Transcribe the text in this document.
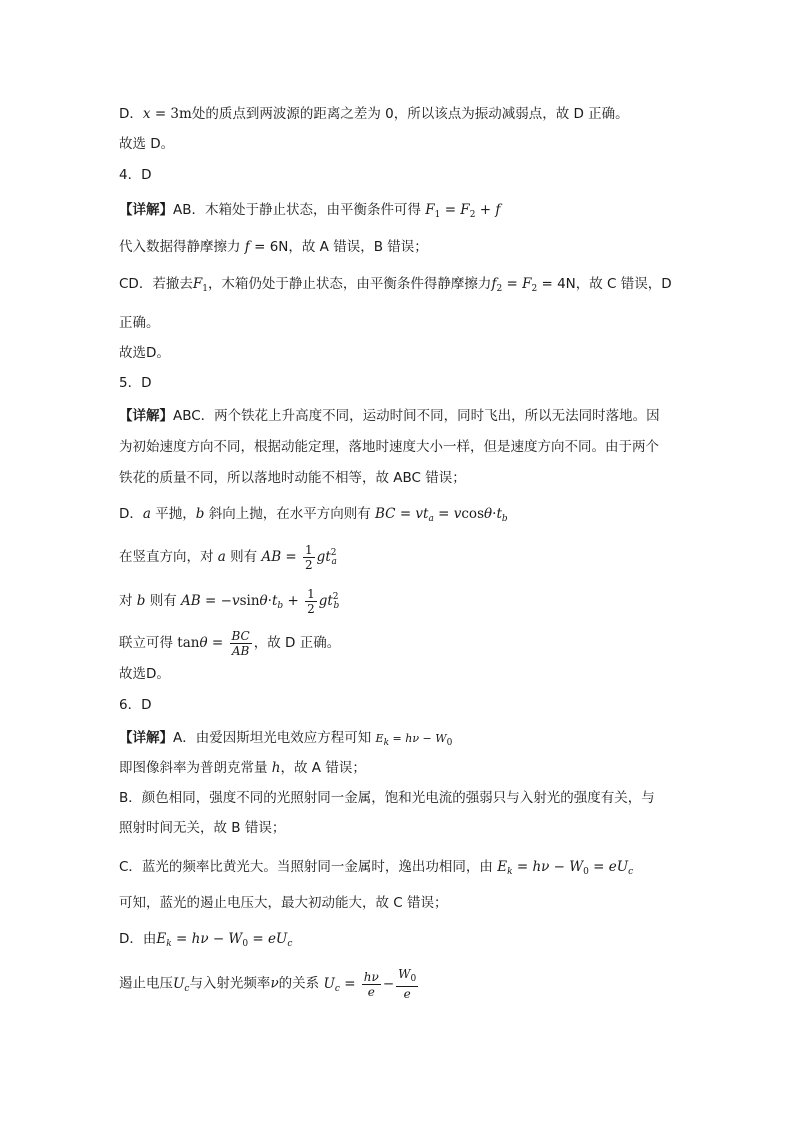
D．x = 3m处的质点到两波源的距离之差为 0，所以该点为振动减弱点，故 D 正确。
故选 D。
4．D
【详解】AB．木箱处于静止状态，由平衡条件可得 $F_1 = F_2 + f$
代入数据得静摩擦力 f = 6N，故 A 错误，B 错误；
CD．若撤去$F_1$，木箱仍处于静止状态，由平衡条件得静摩擦力$f_2 = F_2 = 4N$，故 C 错误，D
正确。
故选D。
5．D
【详解】ABC．两个铁花上升高度不同，运动时间不同，同时飞出，所以无法同时落地。因
为初始速度方向不同，根据动能定理，落地时速度大小一样，但是速度方向不同。由于两个
铁花的质量不同，所以落地时动能不相等，故 ABC 错误；
D．a 平抛，b 斜向上抛，在水平方向则有 BC = $vt_a = vcos\theta\cdot t_b$
在竖直方向，对 a 则有 AB = $\frac{1}{2} gt^2_a$
对 b 则有 AB = $-vsin\theta\cdot t_b + \frac{1}{2} gt^2_b$
联立可得 $\tan\theta = \frac{BC}{AB}$ ，故 D 正确。
故选D。
6．D
【详解】A．由爱因斯坦光电效应方程可知 $E_k = h\nu - W_0$
即图像斜率为普朗克常量 h，故 A 错误；
B．颜色相同，强度不同的光照射同一金属，饱和光电流的强弱只与入射光的强度有关，与
照射时间无关，故 B 错误；
C．蓝光的频率比黄光大。当照射同一金属时，逸出功相同，由 $E_k = h\nu - W_0 = eU_c$
可知，蓝光的遏止电压大，最大初动能大，故 C 错误；
D．由$E_k = h\nu - W_0 = eU_c$
遏止电压$U_c$与入射光频率ν的关系 $U_c = \frac{h\nu}{e} - \frac{W_0}{e}$
